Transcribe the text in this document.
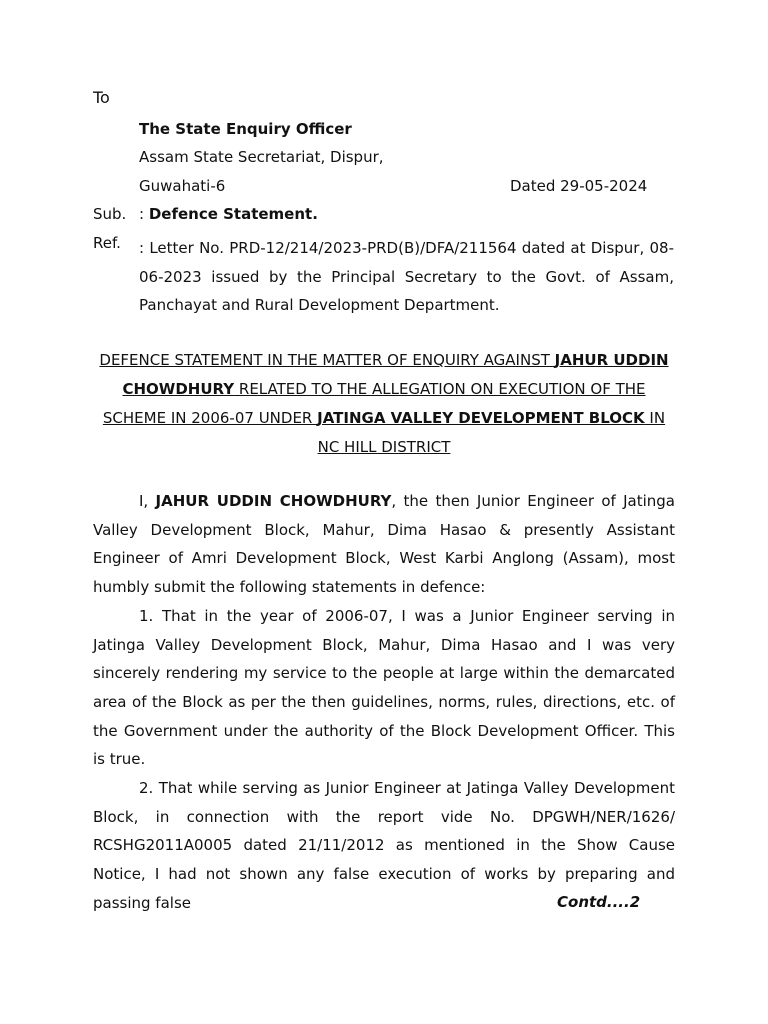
To
The State Enquiry Officer
Assam State Secretariat, Dispur,
Guwahati-6	Dated 29-05-2024
Sub. : Defence Statement.
Ref. : Letter No. PRD-12/214/2023-PRD(B)/DFA/211564 dated at Dispur, 08-06-2023 issued by the Principal Secretary to the Govt. of Assam, Panchayat and Rural Development Department.
DEFENCE STATEMENT IN THE MATTER OF ENQUIRY AGAINST JAHUR UDDIN CHOWDHURY RELATED TO THE ALLEGATION ON EXECUTION OF THE SCHEME IN 2006-07 UNDER JATINGA VALLEY DEVELOPMENT BLOCK IN NC HILL DISTRICT

I, JAHUR UDDIN CHOWDHURY, the then Junior Engineer of Jatinga Valley Development Block, Mahur, Dima Hasao & presently Assistant Engineer of Amri Development Block, West Karbi Anglong (Assam), most humbly submit the following statements in defence:

1. That in the year of 2006-07, I was a Junior Engineer serving in Jatinga Valley Development Block, Mahur, Dima Hasao and I was very sincerely rendering my service to the people at large within the demarcated area of the Block as per the then guidelines, norms, rules, directions, etc. of the Government under the authority of the Block Development Officer. This is true.

2. That while serving as Junior Engineer at Jatinga Valley Development Block, in connection with the report vide No. DPGWH/NER/1626/ RCSHG2011A0005 dated 21/11/2012 as mentioned in the Show Cause Notice, I had not shown any false execution of works by preparing and passing false	Contd....2
